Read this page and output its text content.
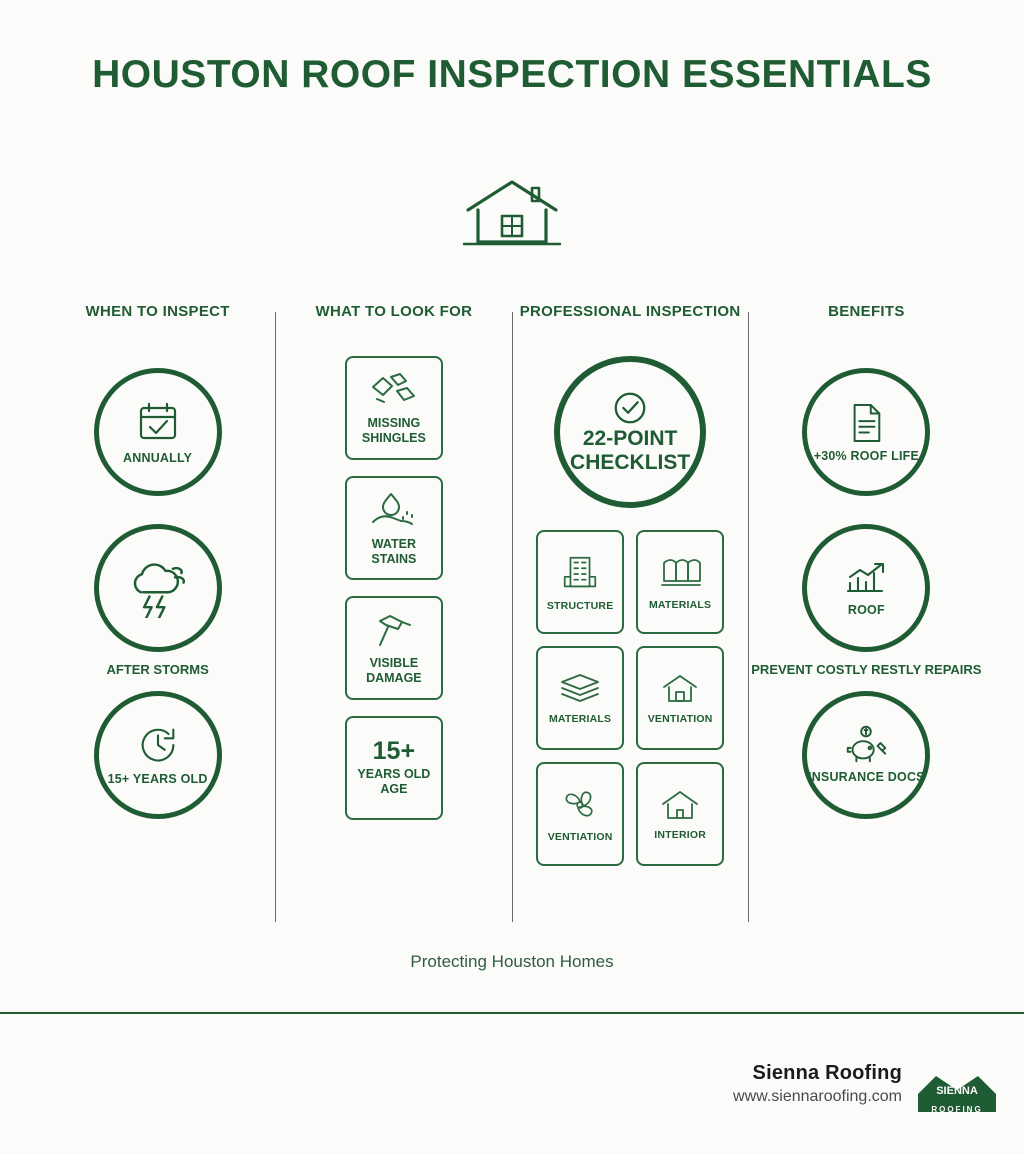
HOUSTON ROOF INSPECTION ESSENTIALS
WHEN TO INSPECT
ANNUALLY
AFTER STORMS
15+ YEARS OLD
WHAT TO LOOK FOR
MISSING SHINGLES
WATER STAINS
VISIBLE DAMAGE
15+
YEARS OLD AGE
PROFESSIONAL INSPECTION
22-POINT CHECKLIST
STRUCTURE	MATERIALS
MATERIALS	VENTIATION
VENTIATION	INTERIOR
BENEFITS
+30% ROOF LIFE
ROOF
PREVENT COSTLY RESTLY REPAIRS
INSURANCE DOCS
Protecting Houston Homes
Sienna Roofing
www.siennaroofing.com	SIENNA
ROOFING
